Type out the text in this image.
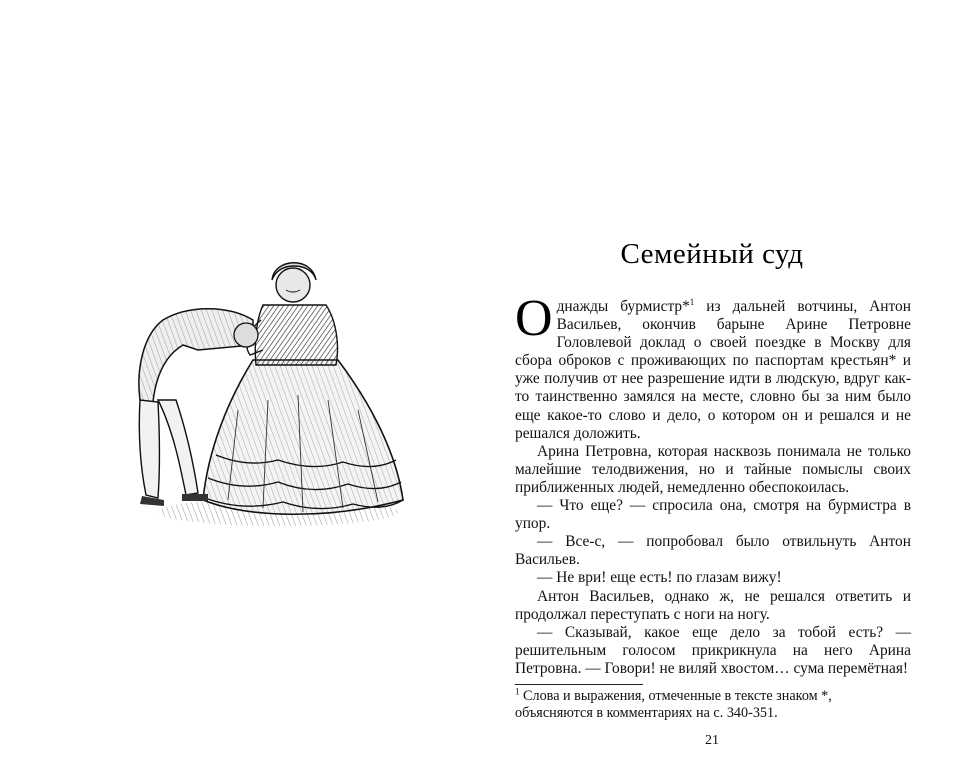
Семейный суд

Однажды бурмистр*$^1$ из дальней вотчины, Антон Васильев, окончив барыне Арине Петровне Головлевой доклад о своей поездке в Москву для сбора оброков с проживающих по паспортам крестьян* и уже получив от нее разрешение идти в людскую, вдруг как-то таинственно замялся на месте, словно бы за ним было еще какое-то слово и дело, о котором он и решался и не решался доложить.

Арина Петровна, которая насквозь понимала не только малейшие телодвижения, но и тайные помыслы своих приближенных людей, немедленно обеспокоилась.

— Что еще? — спросила она, смотря на бурмистра в упор.

— Все-с, — попробовал было отвильнуть Антон Васильев.

— Не ври! еще есть! по глазам вижу!

Антон Васильев, однако ж, не решался ответить и продолжал переступать с ноги на ногу.

— Сказывай, какое еще дело за тобой есть? — решительным голосом прикрикнула на него Арина Петровна. — Говори! не виляй хвостом… сума перемётная!

$^1$ Слова и выражения, отмеченные в тексте знаком *, объясняются в комментариях на с. 340-351.

21
